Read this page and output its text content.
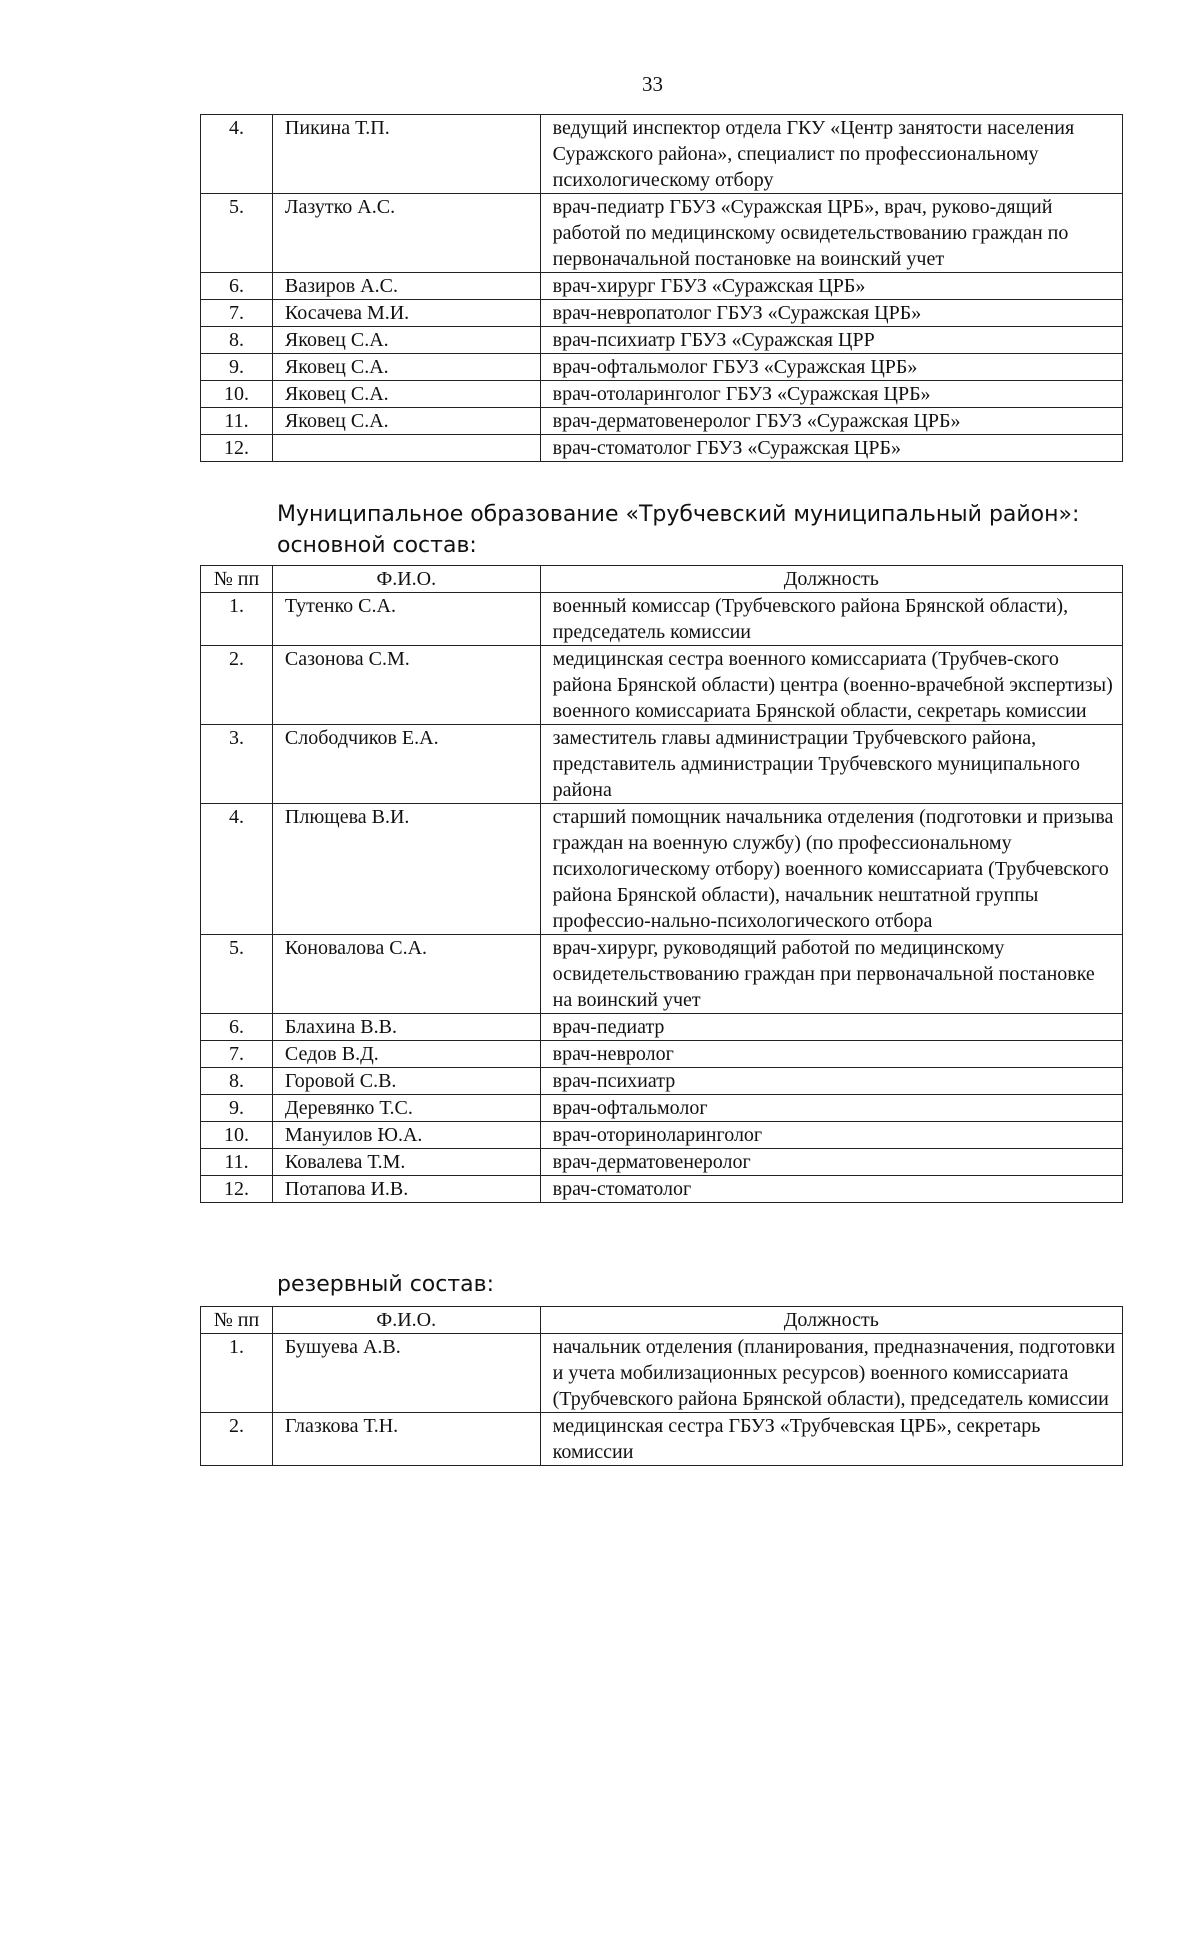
33
4.	Пикина Т.П.	ведущий инспектор отдела ГКУ «Центр занятости населения Суражского района», специалист по профессиональному психологическому отбору
5.	Лазутко А.С.	врач-педиатр ГБУЗ «Суражская ЦРБ», врач, руково-дящий работой по медицинскому освидетельствованию граждан по первоначальной постановке на воинский учет
6.	Вазиров А.С.	врач-хирург ГБУЗ «Суражская ЦРБ»
7.	Косачева М.И.	врач-невропатолог ГБУЗ «Суражская ЦРБ»
8.	Яковец С.А.	врач-психиатр ГБУЗ «Суражская ЦРР
9.	Яковец С.А.	врач-офтальмолог ГБУЗ «Суражская ЦРБ»
10.	Яковец С.А.	врач-отоларинголог ГБУЗ «Суражская ЦРБ»
11.	Яковец С.А.	врач-дерматовенеролог ГБУЗ «Суражская ЦРБ»
12.		врач-стоматолог ГБУЗ «Суражская ЦРБ»
Муниципальное образование «Трубчевский муниципальный район»:
основной состав:
№ пп	Ф.И.О.	Должность
1.	Тутенко С.А.	военный комиссар (Трубчевского района Брянской области), председатель комиссии
2.	Сазонова С.М.	медицинская сестра военного комиссариата (Трубчев-ского района Брянской области) центра (военно-врачебной экспертизы) военного комиссариата Брянской области, секретарь комиссии
3.	Слободчиков Е.А.	заместитель главы администрации Трубчевского района, представитель администрации Трубчевского муниципального района
4.	Плющева В.И.	старший помощник начальника отделения (подготовки и призыва граждан на военную службу) (по профессиональному психологическому отбору) военного комиссариата (Трубчевского района Брянской области), начальник нештатной группы профессио-нально-психологического отбора
5.	Коновалова С.А.	врач-хирург, руководящий работой по медицинскому освидетельствованию граждан при первоначальной постановке на воинский учет
6.	Блахина В.В.	врач-педиатр
7.	Седов В.Д.	врач-невролог
8.	Горовой С.В.	врач-психиатр
9.	Деревянко Т.С.	врач-офтальмолог
10.	Мануилов Ю.А.	врач-оториноларинголог
11.	Ковалева Т.М.	врач-дерматовенеролог
12.	Потапова И.В.	врач-стоматолог
резервный состав:
№ пп	Ф.И.О.	Должность
1.	Бушуева А.В.	начальник отделения (планирования, предназначения, подготовки и учета мобилизационных ресурсов) военного комиссариата (Трубчевского района Брянской области), председатель комиссии
2.	Глазкова Т.Н.	медицинская сестра ГБУЗ «Трубчевская ЦРБ», секретарь комиссии
